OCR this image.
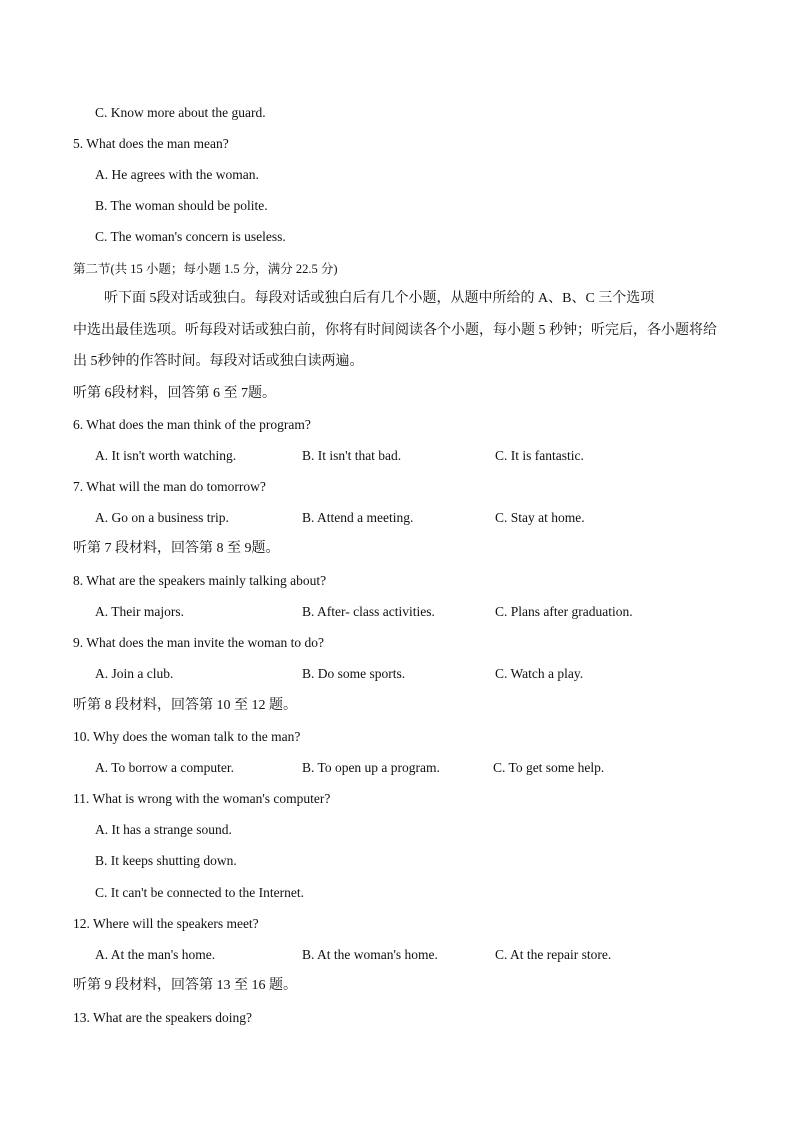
C. Know more about the guard.
5. What does the man mean?
A. He agrees with the woman.
B. The woman should be polite.
C. The woman's concern is useless.
第二节(共 15 小题；每小题 1.5 分，满分 22.5 分)
听下面 5段对话或独白。每段对话或独白后有几个小题，从题中所给的 A、B、C 三个选项
中选出最佳选项。听每段对话或独白前，你将有时间阅读各个小题，每小题 5 秒钟；听完后，各小题将给
出 5秒钟的作答时间。每段对话或独白读两遍。
听第 6段材料，回答第 6 至 7题。
6. What does the man think of the program?
A. It isn't worth watching.	B. It isn't that bad.	C. It is fantastic.
7. What will the man do tomorrow?
A. Go on a business trip.	B. Attend a meeting.	C. Stay at home.
听第 7 段材料，回答第 8 至 9题。
8. What are the speakers mainly talking about?
A. Their majors.	B. After- class activities.	C. Plans after graduation.
9. What does the man invite the woman to do?
A. Join a club.	B. Do some sports.	C. Watch a play.
听第 8 段材料，回答第 10 至 12 题。
10. Why does the woman talk to the man?
A. To borrow a computer.	B. To open up a program.	C. To get some help.
11. What is wrong with the woman's computer?
A. It has a strange sound.
B. It keeps shutting down.
C. It can't be connected to the Internet.
12. Where will the speakers meet?
A. At the man's home.	B. At the woman's home.	C. At the repair store.
听第 9 段材料，回答第 13 至 16 题。
13. What are the speakers doing?
